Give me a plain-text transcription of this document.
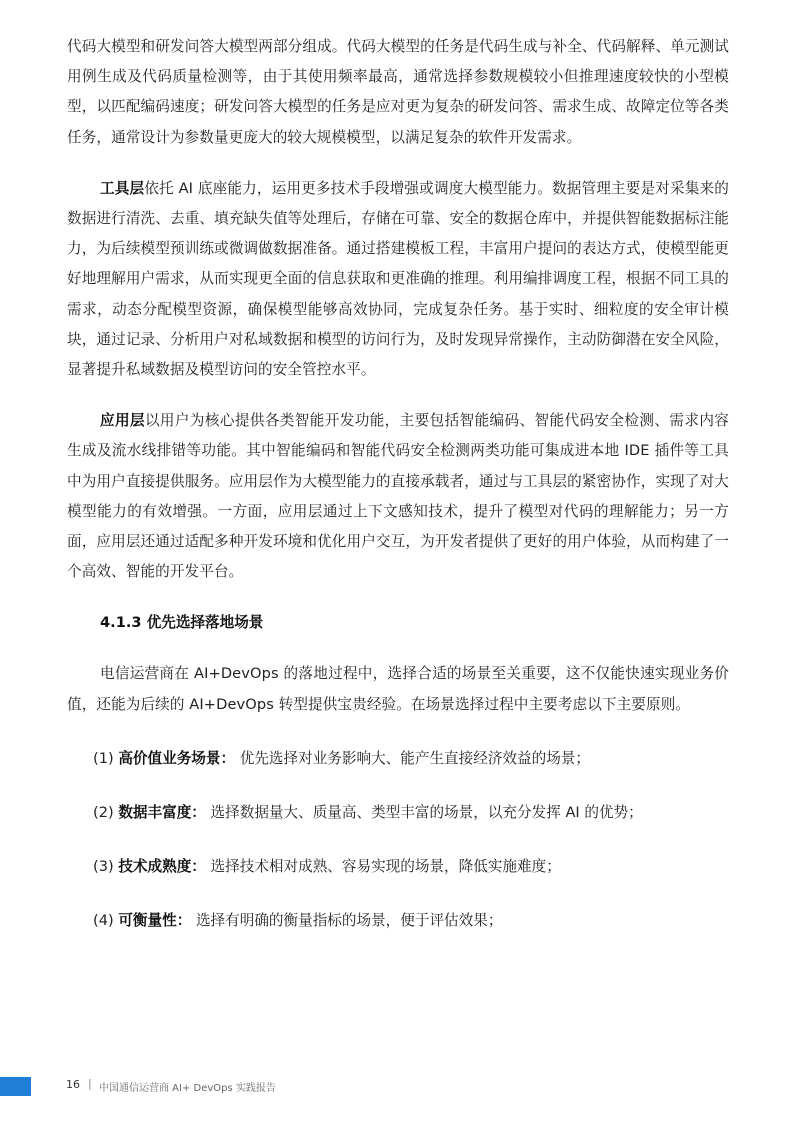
代码大模型和研发问答大模型两部分组成。代码大模型的任务是代码生成与补全、代码解释、单元测试用例生成及代码质量检测等，由于其使用频率最高，通常选择参数规模较小但推理速度较快的小型模型，以匹配编码速度；研发问答大模型的任务是应对更为复杂的研发问答、需求生成、故障定位等各类任务，通常设计为参数量更庞大的较大规模模型，以满足复杂的软件开发需求。

工具层依托 AI 底座能力，运用更多技术手段增强或调度大模型能力。数据管理主要是对采集来的数据进行清洗、去重、填充缺失值等处理后，存储在可靠、安全的数据仓库中，并提供智能数据标注能力，为后续模型预训练或微调做数据准备。通过搭建模板工程，丰富用户提问的表达方式，使模型能更好地理解用户需求，从而实现更全面的信息获取和更准确的推理。利用编排调度工程，根据不同工具的需求，动态分配模型资源，确保模型能够高效协同，完成复杂任务。基于实时、细粒度的安全审计模块，通过记录、分析用户对私域数据和模型的访问行为，及时发现异常操作，主动防御潜在安全风险，显著提升私域数据及模型访问的安全管控水平。

应用层以用户为核心提供各类智能开发功能，主要包括智能编码、智能代码安全检测、需求内容生成及流水线排错等功能。其中智能编码和智能代码安全检测两类功能可集成进本地 IDE 插件等工具中为用户直接提供服务。应用层作为大模型能力的直接承载者，通过与工具层的紧密协作，实现了对大模型能力的有效增强。一方面，应用层通过上下文感知技术，提升了模型对代码的理解能力；另一方面，应用层还通过适配多种开发环境和优化用户交互，为开发者提供了更好的用户体验，从而构建了一个高效、智能的开发平台。

4.1.3 优先选择落地场景

电信运营商在 AI+DevOps 的落地过程中，选择合适的场景至关重要，这不仅能快速实现业务价值，还能为后续的 AI+DevOps 转型提供宝贵经验。在场景选择过程中主要考虑以下主要原则。

(1) 高价值业务场景： 优先选择对业务影响大、能产生直接经济效益的场景；

(2) 数据丰富度： 选择数据量大、质量高、类型丰富的场景，以充分发挥 AI 的优势；

(3) 技术成熟度： 选择技术相对成熟、容易实现的场景，降低实施难度；

(4) 可衡量性： 选择有明确的衡量指标的场景，便于评估效果；

16 | 中国通信运营商 AI+ DevOps 实践报告
